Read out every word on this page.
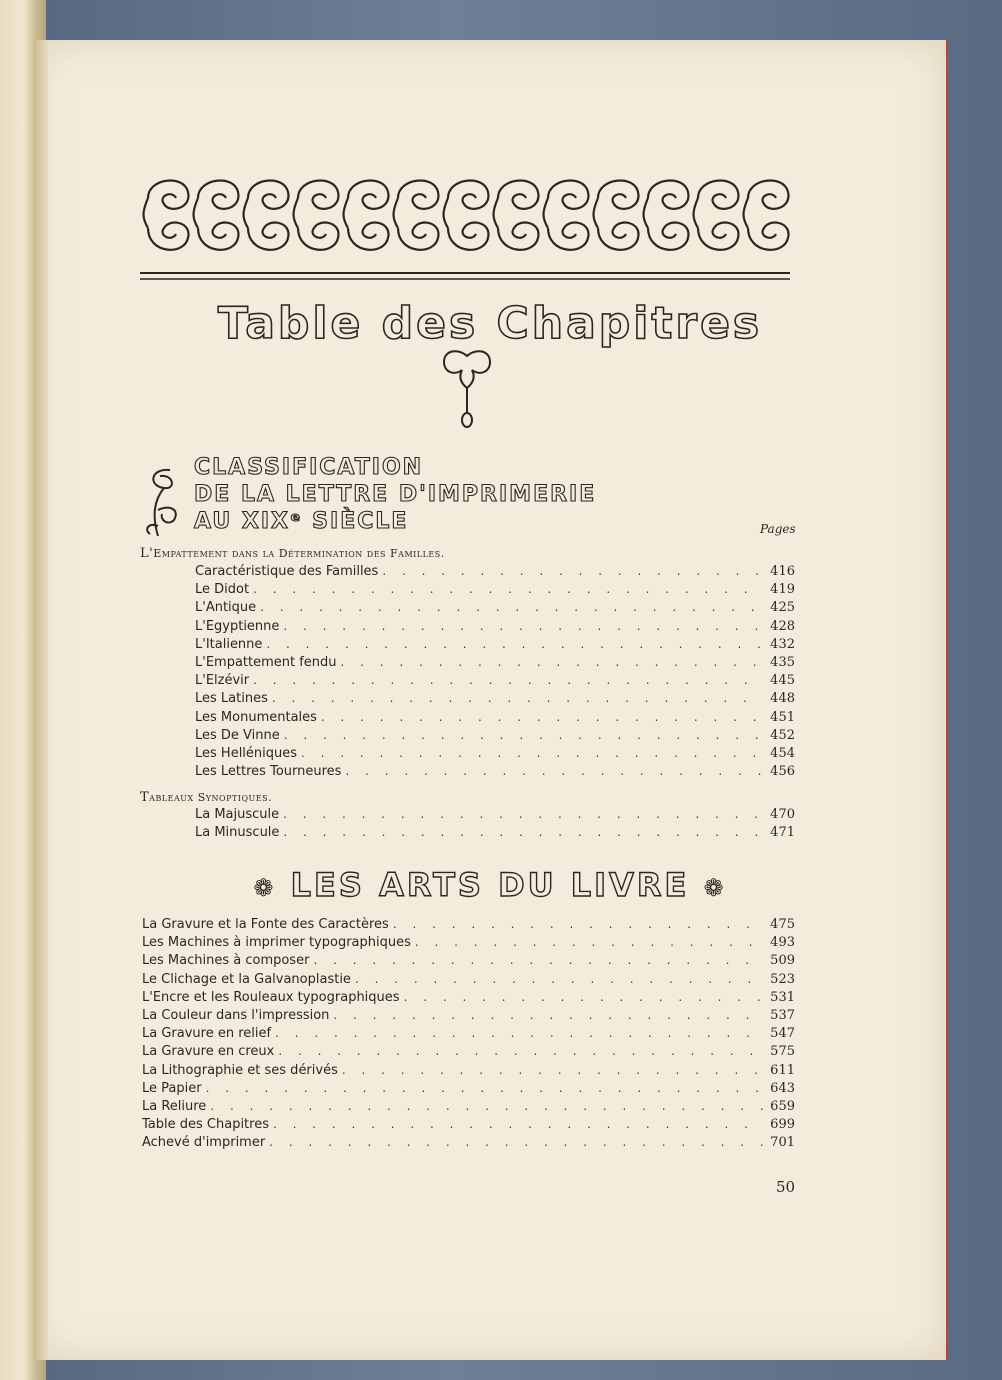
Table des Chapitres
CLASSIFICATION
DE LA LETTRE D'IMPRIMERIE
AU XIXᵉ SIÈCLE	Pages
L'Empattement dans la Détermination des Familles.
Caractéristique des Familles . . .	416
Le Didot . . .	419
L'Antique . . .	425
L'Égyptienne . . .	428
L'Italienne . . .	432
L'Empattement fendu . . .	435
L'Elzévir . . .	445
Les Latines . . .	448
Les Monumentales . . .	451
Les De Vinne . . .	452
Les Helléniques . . .	454
Les Lettres Tourneures . . .	456
Tableaux Synoptiques.
La Majuscule . . .	470
La Minuscule . . .	471
❁ LES ARTS DU LIVRE ❁
La Gravure et la Fonte des Caractères . . .	475
Les Machines à imprimer typographiques . . .	493
Les Machines à composer . . .	509
Le Clichage et la Galvanoplastie . . .	523
L'Encre et les Rouleaux typographiques . . .	531
La Couleur dans l'impression . . .	537
La Gravure en relief . . .	547
La Gravure en creux . . .	575
La Lithographie et ses dérivés . . .	611
Le Papier . . .	643
La Reliure . . .	659
Table des Chapitres . . .	699
Achevé d'imprimer . . .	701
50
